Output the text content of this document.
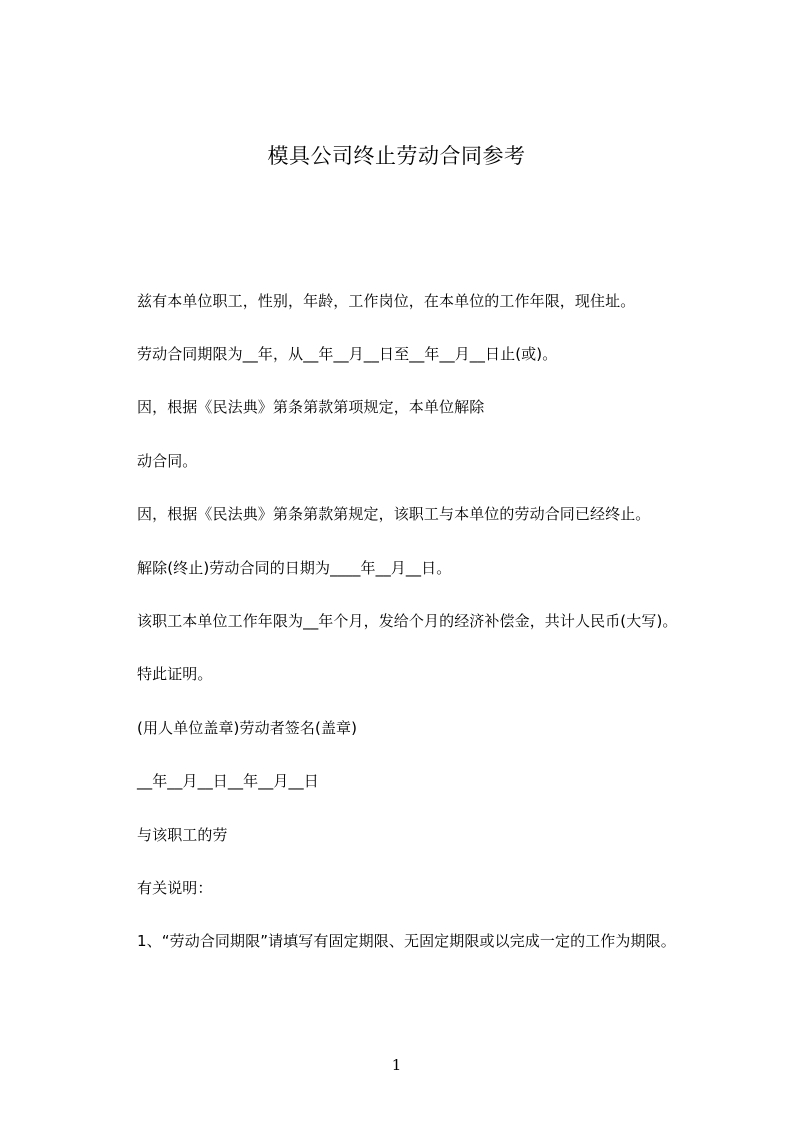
模具公司终止劳动合同参考
兹有本单位职工，性别，年龄，工作岗位，在本单位的工作年限，现住址。
劳动合同期限为__年，从__年__月__日至__年__月__日止(或)。
因，根据《民法典》第条第款第项规定，本单位解除
动合同。
因，根据《民法典》第条第款第规定，该职工与本单位的劳动合同已经终止。
解除(终止)劳动合同的日期为____年__月__日。
该职工本单位工作年限为__年个月，发给个月的经济补偿金，共计人民币(大写)。
特此证明。
(用人单位盖章)劳动者签名(盖章)
__年__月__日__年__月__日
与该职工的劳
有关说明：
1、“劳动合同期限”请填写有固定期限、无固定期限或以完成一定的工作为期限。
1
